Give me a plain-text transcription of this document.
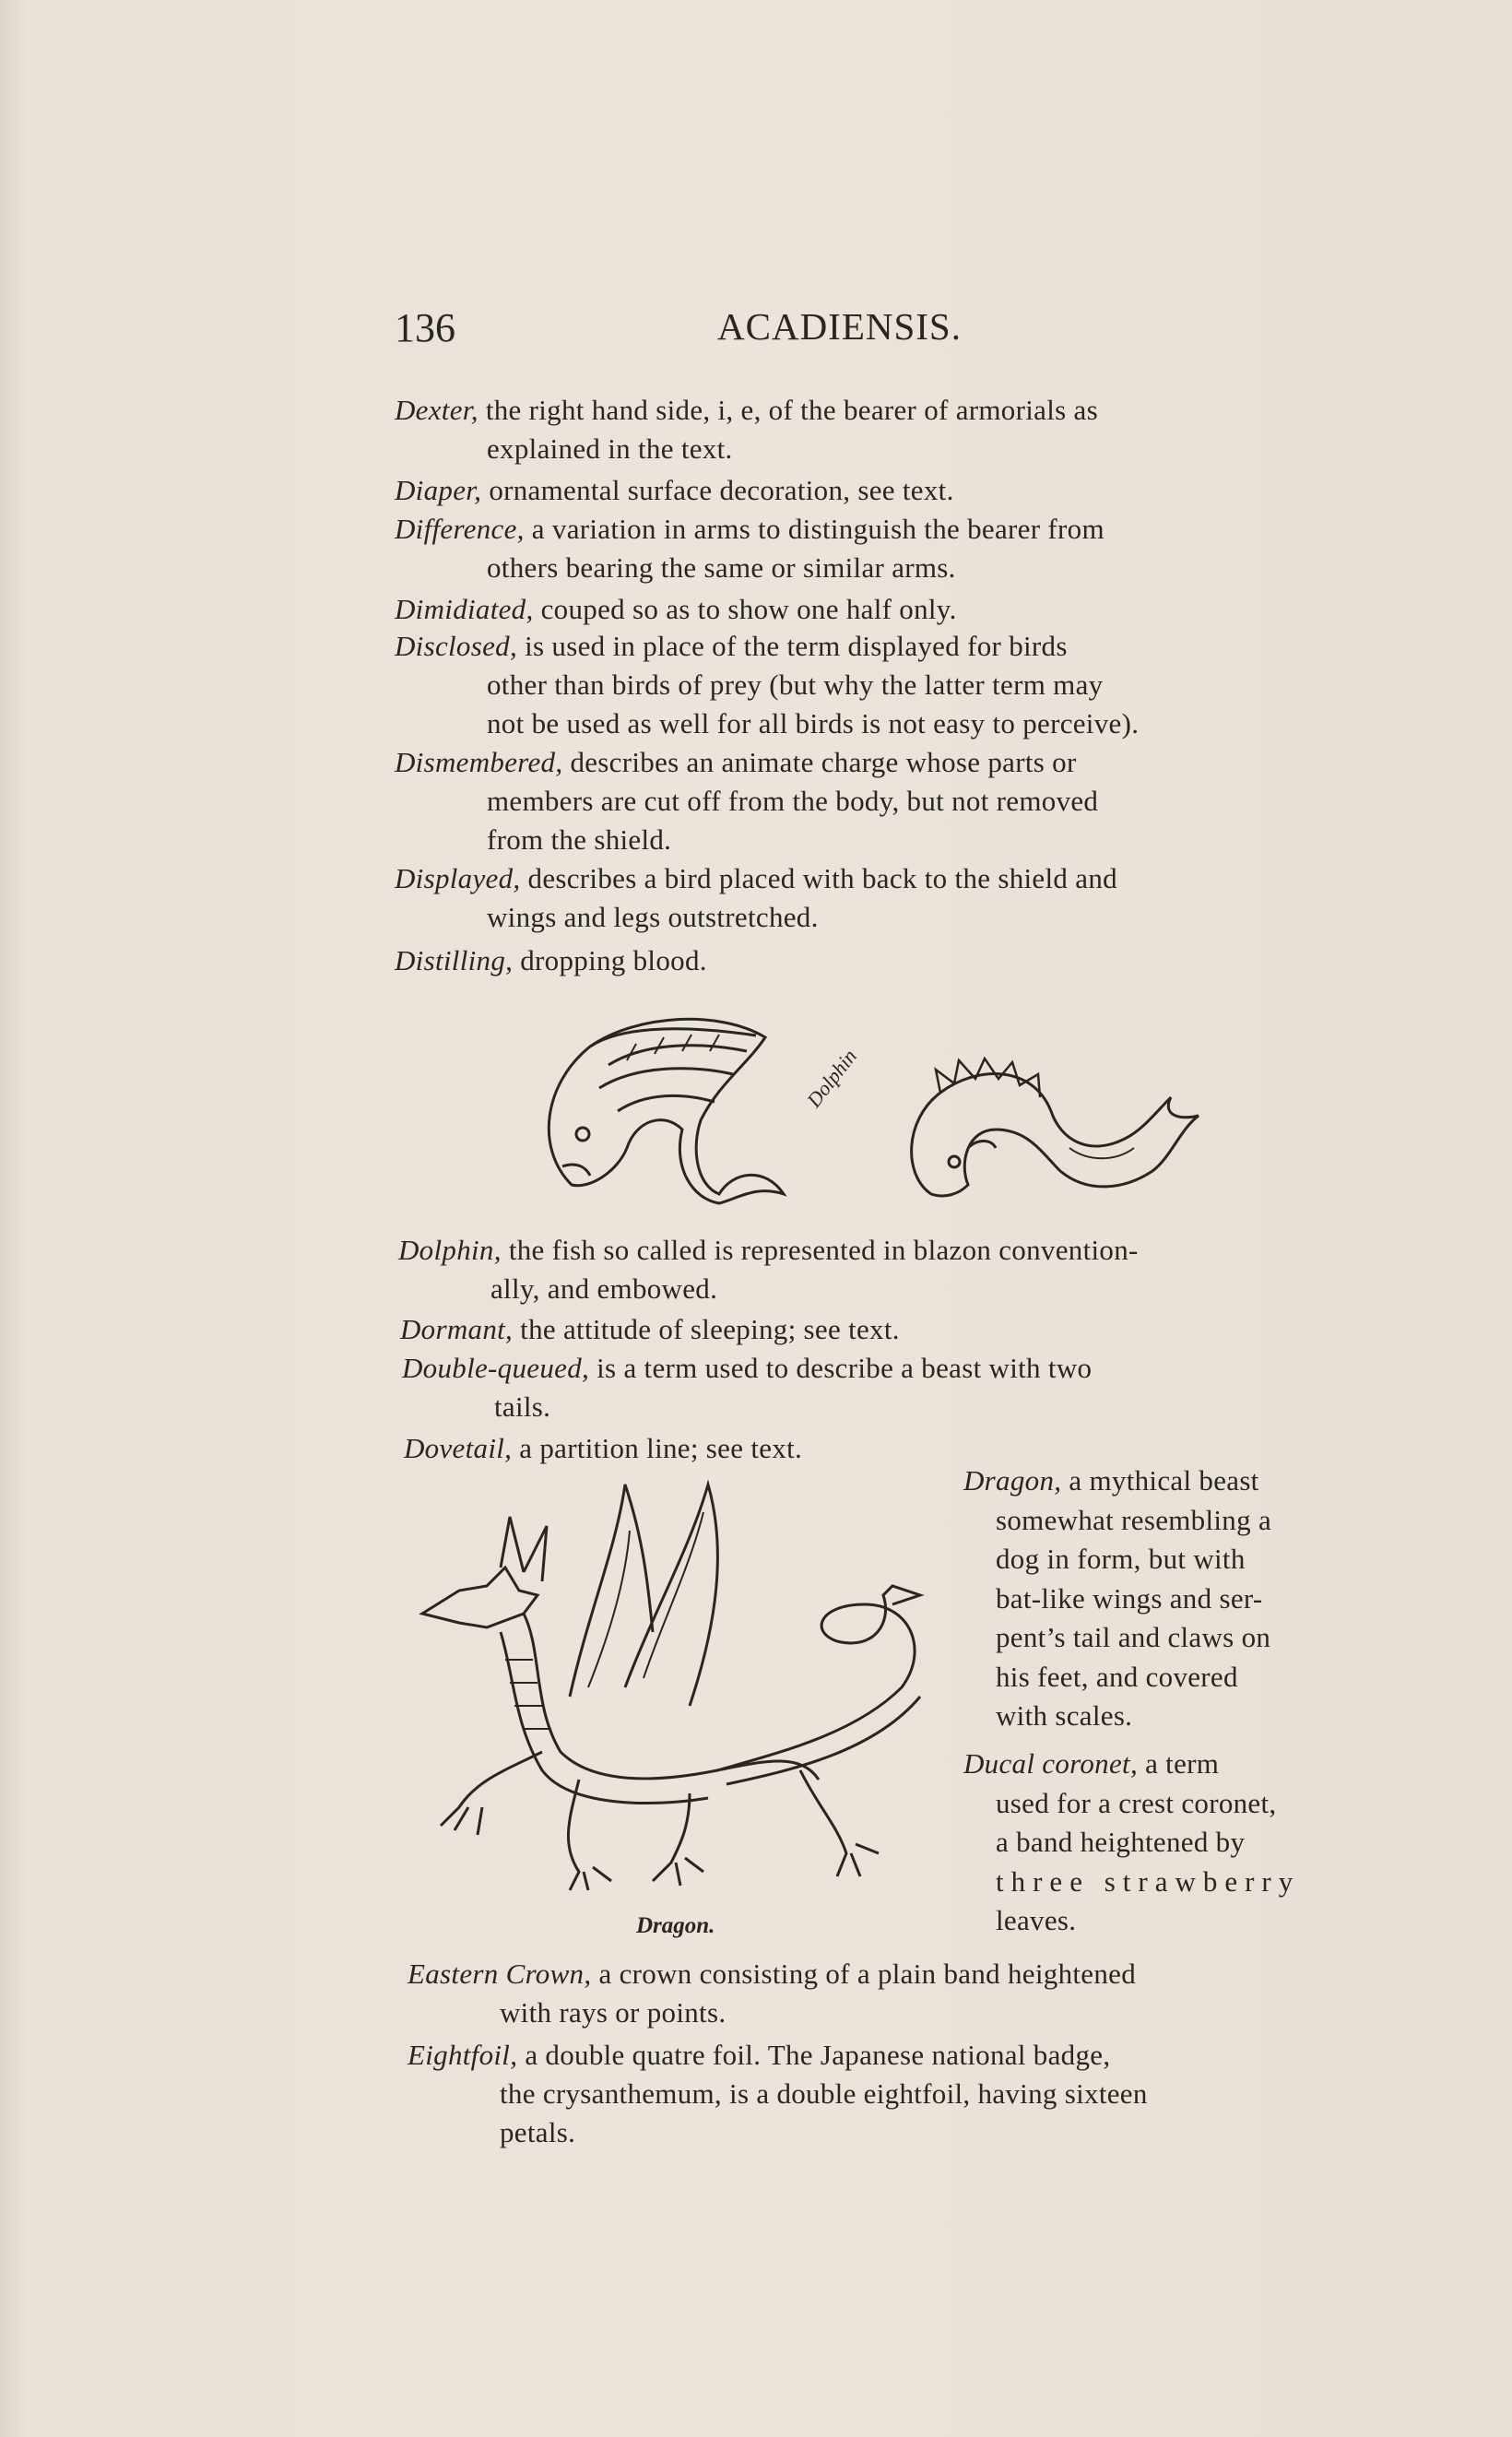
136	ACADIENSIS.
Dexter, the right hand side, i, e, of the bearer of armorials as
explained in the text.
Diaper, ornamental surface decoration, see text.
Difference, a variation in arms to distinguish the bearer from
others bearing the same or similar arms.
Dimidiated, couped so as to show one half only.
Disclosed, is used in place of the term displayed for birds
other than birds of prey (but why the latter term may
not be used as well for all birds is not easy to perceive).
Dismembered, describes an animate charge whose parts or
members are cut off from the body, but not removed
from the shield.
Displayed, describes a bird placed with back to the shield and
wings and legs outstretched.
Distilling, dropping blood.
Dolphin
Dolphin, the fish so called is represented in blazon convention-
ally, and embowed.
Dormant, the attitude of sleeping; see text.
Double-queued, is a term used to describe a beast with two
tails.
Dovetail, a partition line; see text.
Dragon.
Dragon, a mythical beast
somewhat resembling a
dog in form, but with
bat-like wings and ser-
pent’s tail and claws on
his feet, and covered
with scales.
Ducal coronet, a term
used for a crest coronet,
a band heightened by
three strawberry
leaves.
Eastern Crown, a crown consisting of a plain band heightened
with rays or points.
Eightfoil, a double quatre foil. The Japanese national badge,
the crysanthemum, is a double eightfoil, having sixteen
petals.
